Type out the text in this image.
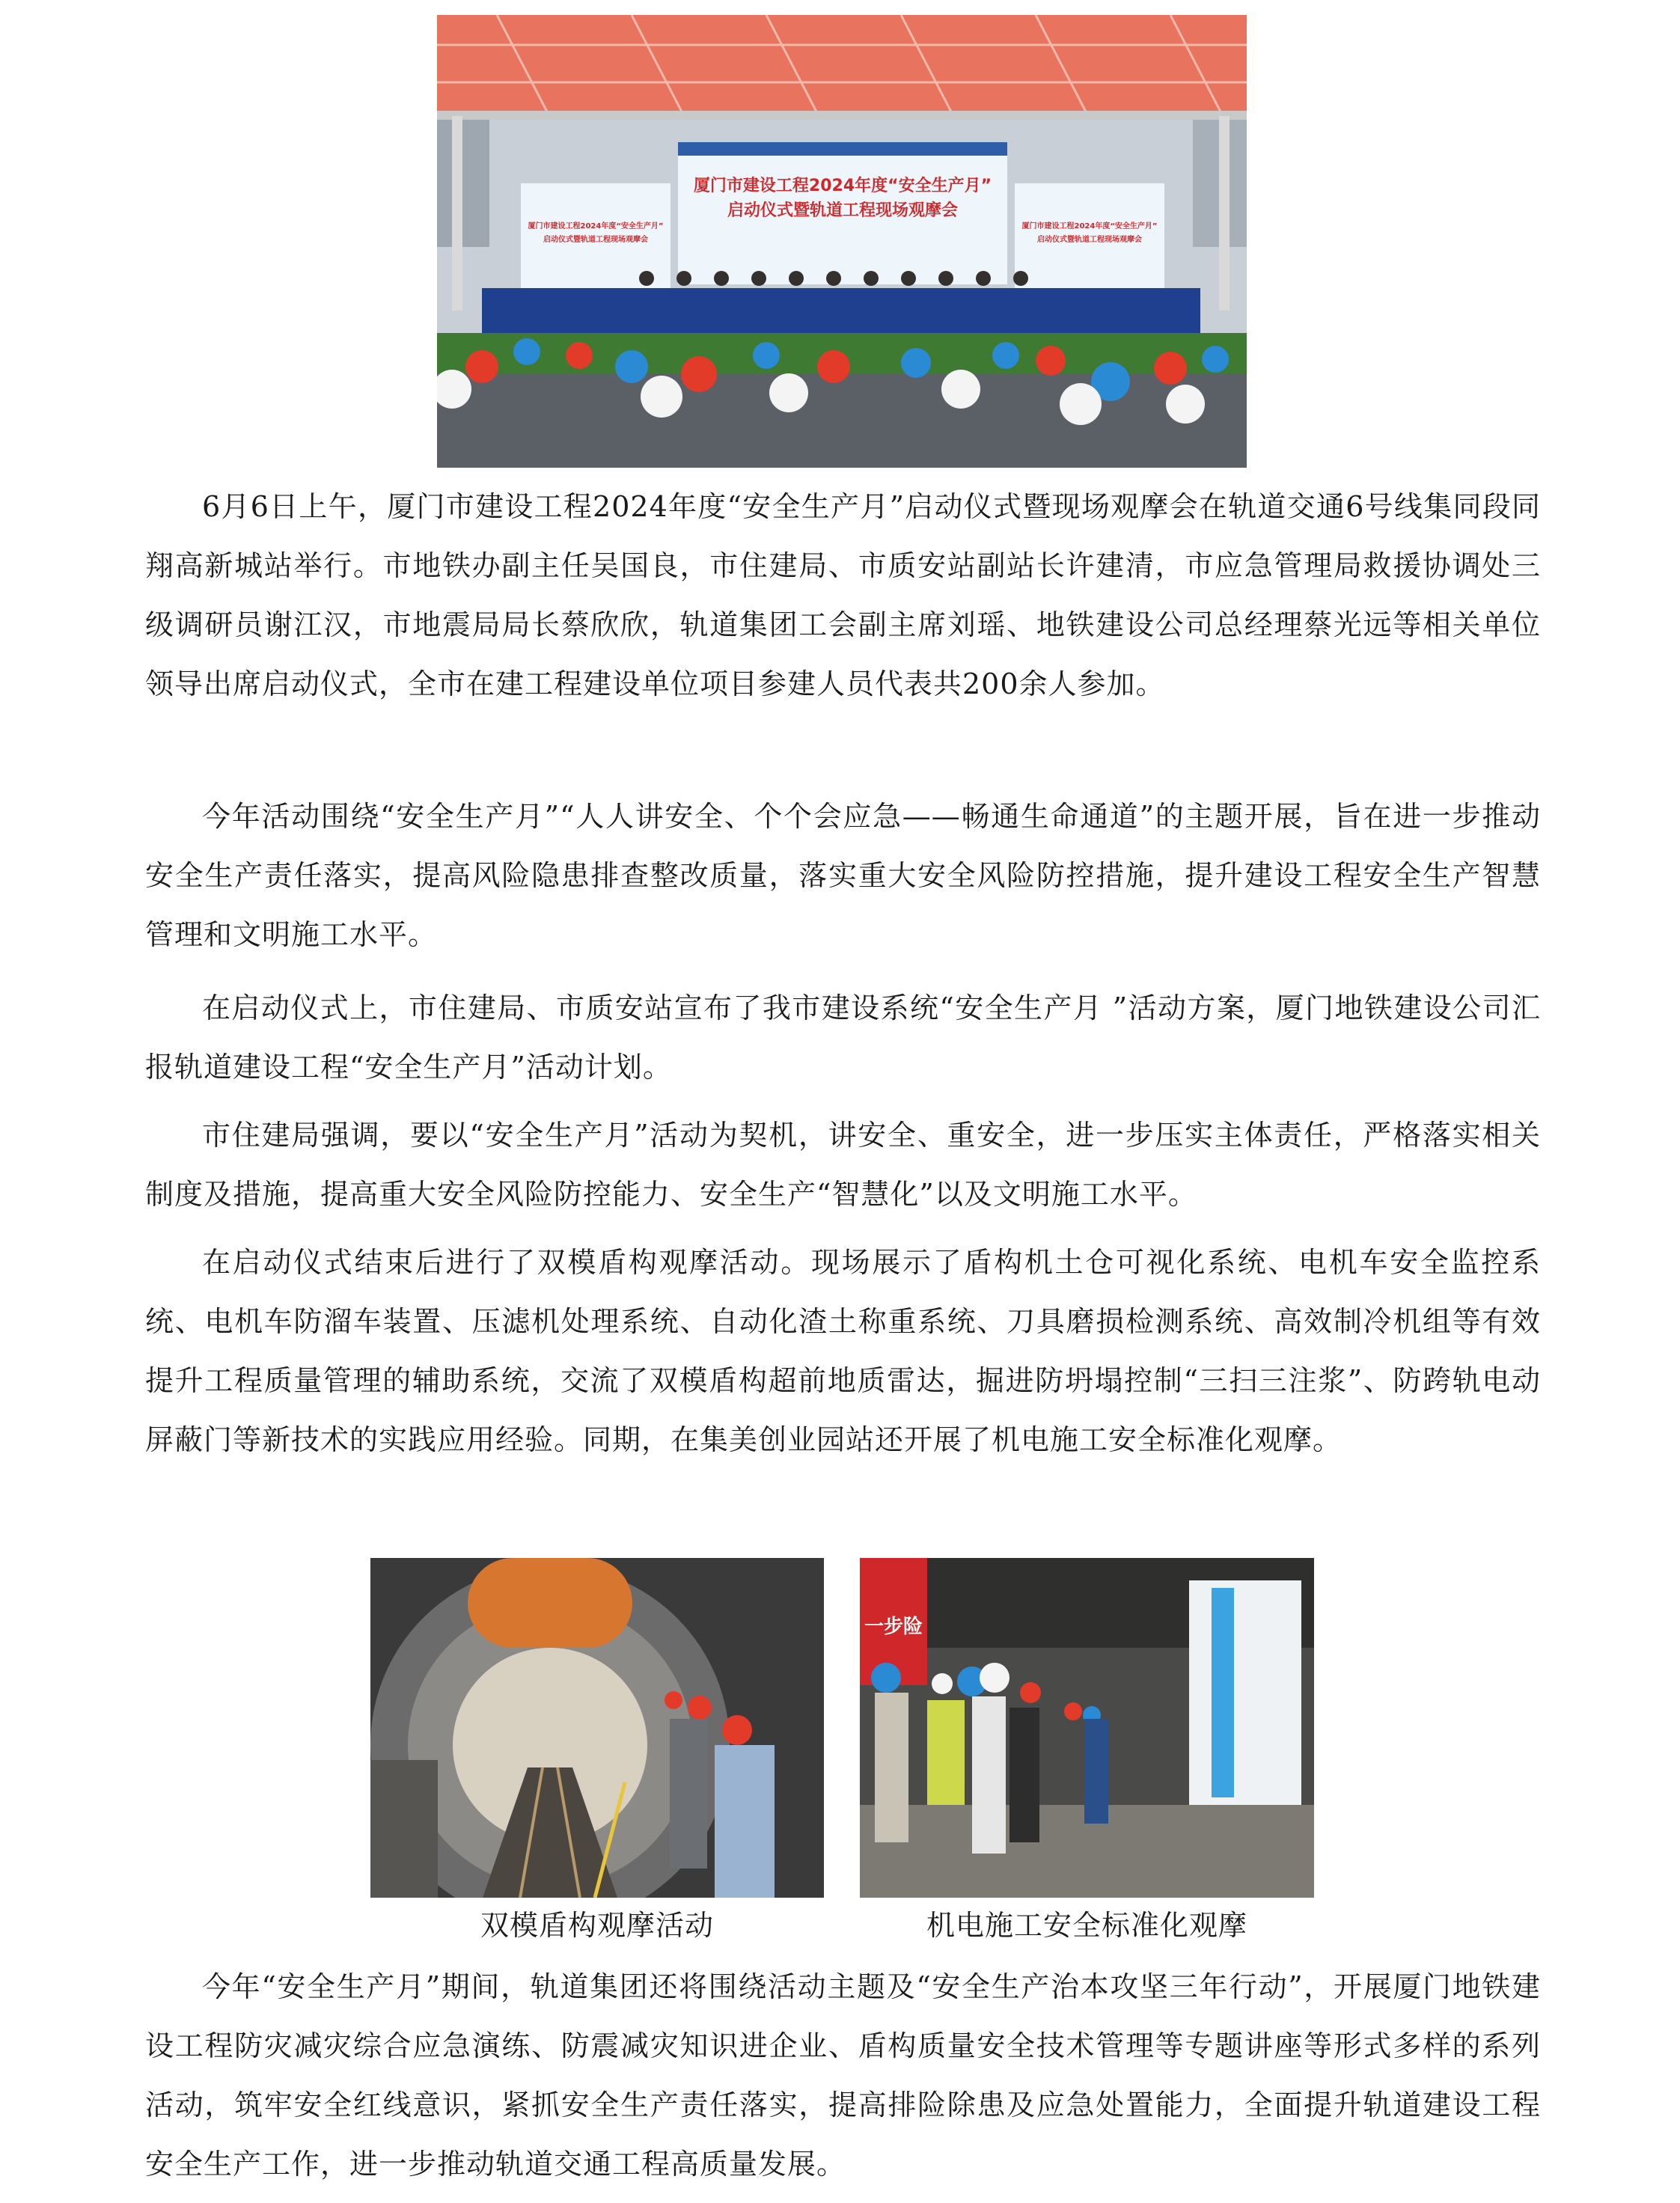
厦门市建设工程2024年度“安全生产月”
启动仪式暨轨道工程现场观摩会
厦门市建设工程2024年度“安全生产月”
启动仪式暨轨道工程现场观摩会
厦门市建设工程2024年度“安全生产月”
启动仪式暨轨道工程现场观摩会

6月6日上午，厦门市建设工程2024年度“安全生产月”启动仪式暨现场观摩会在轨道交通6号线集同段同翔高新城站举行。市地铁办副主任吴国良，市住建局、市质安站副站长许建清，市应急管理局救援协调处三级调研员谢江汉，市地震局局长蔡欣欣，轨道集团工会副主席刘瑶、地铁建设公司总经理蔡光远等相关单位领导出席启动仪式，全市在建工程建设单位项目参建人员代表共200余人参加。

今年活动围绕“安全生产月”“人人讲安全、个个会应急——畅通生命通道”的主题开展，旨在进一步推动安全生产责任落实，提高风险隐患排查整改质量，落实重大安全风险防控措施，提升建设工程安全生产智慧管理和文明施工水平。

在启动仪式上，市住建局、市质安站宣布了我市建设系统“安全生产月 ”活动方案，厦门地铁建设公司汇报轨道建设工程“安全生产月”活动计划。

市住建局强调，要以“安全生产月”活动为契机，讲安全、重安全，进一步压实主体责任，严格落实相关制度及措施，提高重大安全风险防控能力、安全生产“智慧化”以及文明施工水平。

在启动仪式结束后进行了双模盾构观摩活动。现场展示了盾构机土仓可视化系统、电机车安全监控系统、电机车防溜车装置、压滤机处理系统、自动化渣土称重系统、刀具磨损检测系统、高效制冷机组等有效提升工程质量管理的辅助系统，交流了双模盾构超前地质雷达，掘进防坍塌控制“三扫三注浆”、防跨轨电动屏蔽门等新技术的实践应用经验。同期，在集美创业园站还开展了机电施工安全标准化观摩。

一步险
双模盾构观摩活动	机电施工安全标准化观摩

今年“安全生产月”期间，轨道集团还将围绕活动主题及“安全生产治本攻坚三年行动”，开展厦门地铁建设工程防灾减灾综合应急演练、防震减灾知识进企业、盾构质量安全技术管理等专题讲座等形式多样的系列活动，筑牢安全红线意识，紧抓安全生产责任落实，提高排险除患及应急处置能力，全面提升轨道建设工程安全生产工作，进一步推动轨道交通工程高质量发展。
